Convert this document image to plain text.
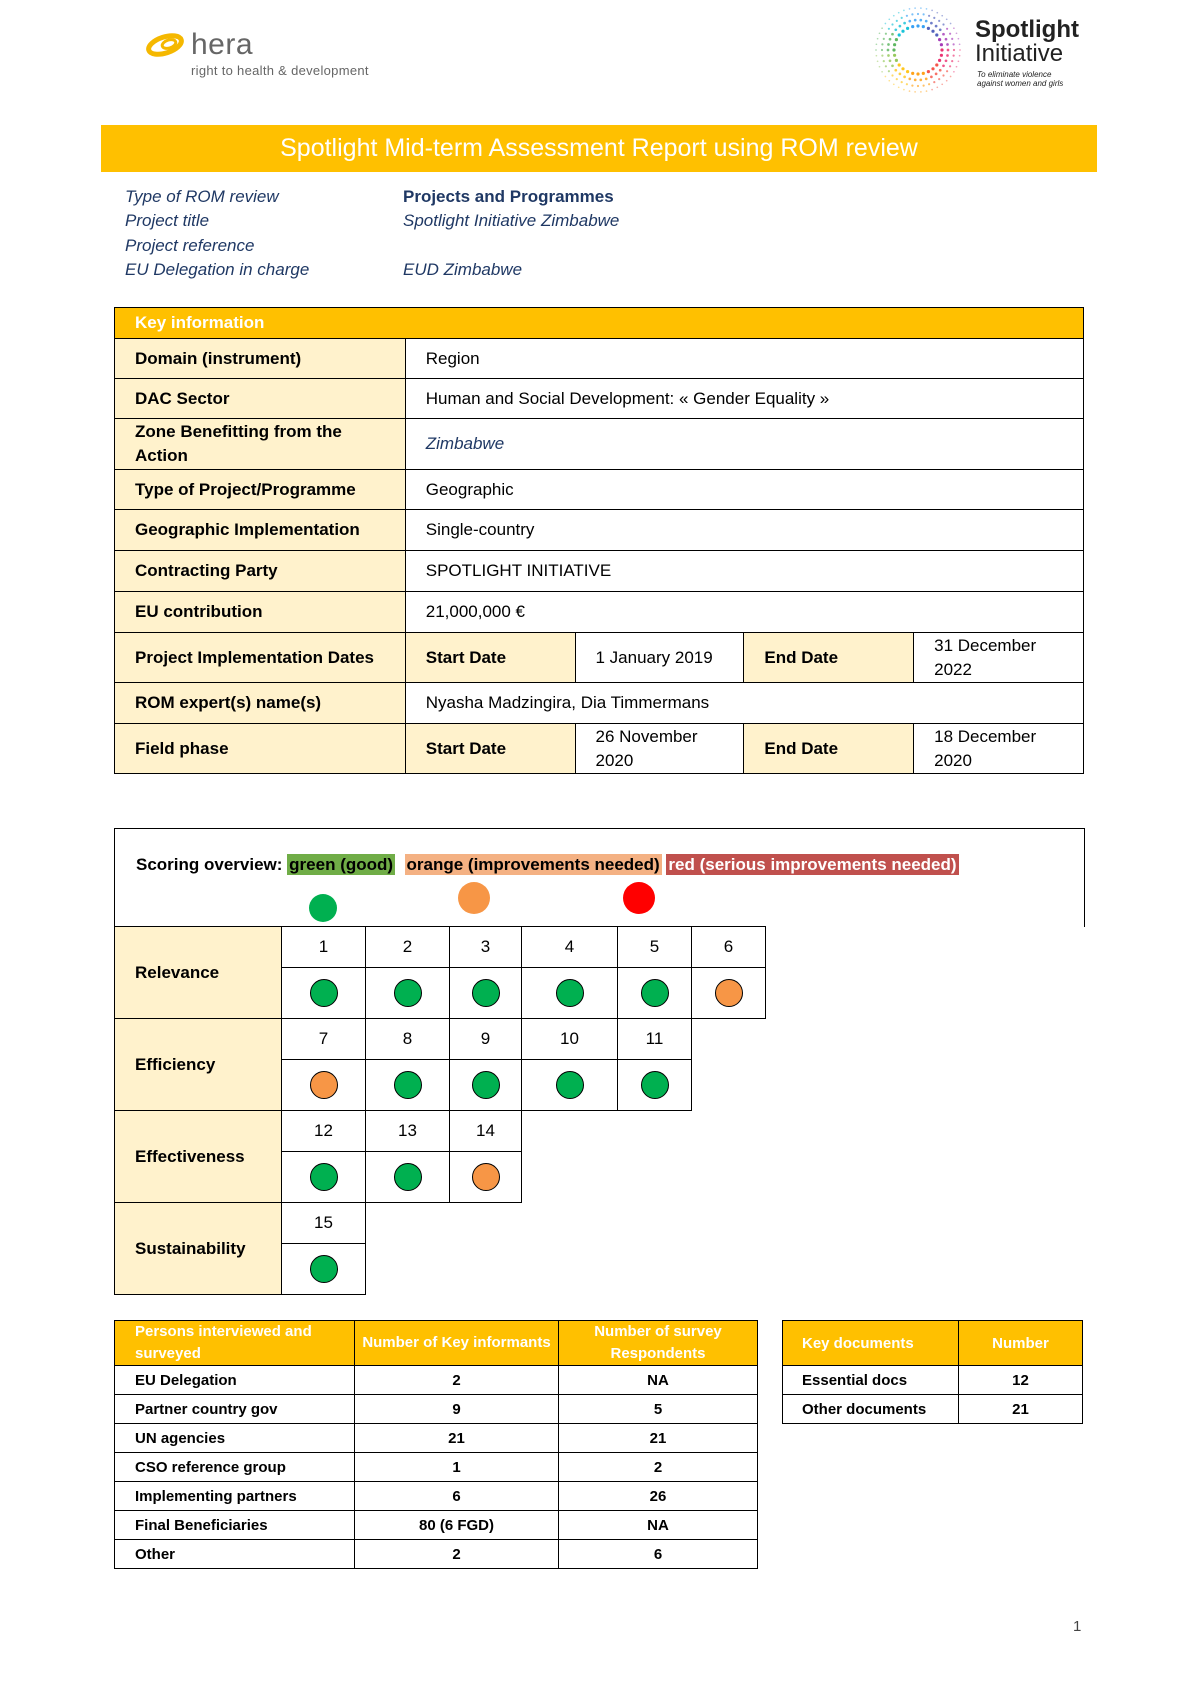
hera
right to health & development
Spotlight
Initiative
To eliminate violence
against women and girls
Spotlight Mid-term Assessment Report using ROM review
Type of ROM review	Projects and Programmes
Project title	Spotlight Initiative Zimbabwe
Project reference
EU Delegation in charge	EUD Zimbabwe
Key information				
Domain (instrument)	Region			
DAC Sector	Human and Social Development: « Gender Equality »			
Zone Benefitting from the Action	Zimbabwe			
Type of Project/Programme	Geographic			
Geographic Implementation	Single-country			
Contracting Party	SPOTLIGHT INITIATIVE			
EU contribution	21,000,000 €			
Project Implementation Dates	Start Date	1 January 2019	End Date	31 December 2022
ROM expert(s) name(s)	Nyasha Madzingira, Dia Timmermans			
Field phase	Start Date	26 November 2020	End Date	18 December 2020
Scoring overview: green (good) orange (improvements needed) red (serious improvements needed)
Relevance	1	2	3	4	5	6

Efficiency	7	8	9	10	11	

Effectiveness	12	13	14			

Sustainability	15					

Persons interviewed and surveyed	Number of Key informants	Number of survey Respondents
EU Delegation	2	NA
Partner country gov	9	5
UN agencies	21	21
CSO reference group	1	2
Implementing partners	6	26
Final Beneficiaries	80 (6 FGD)	NA
Other	2	6
Key documents	Number
Essential docs	12
Other documents	21
1
